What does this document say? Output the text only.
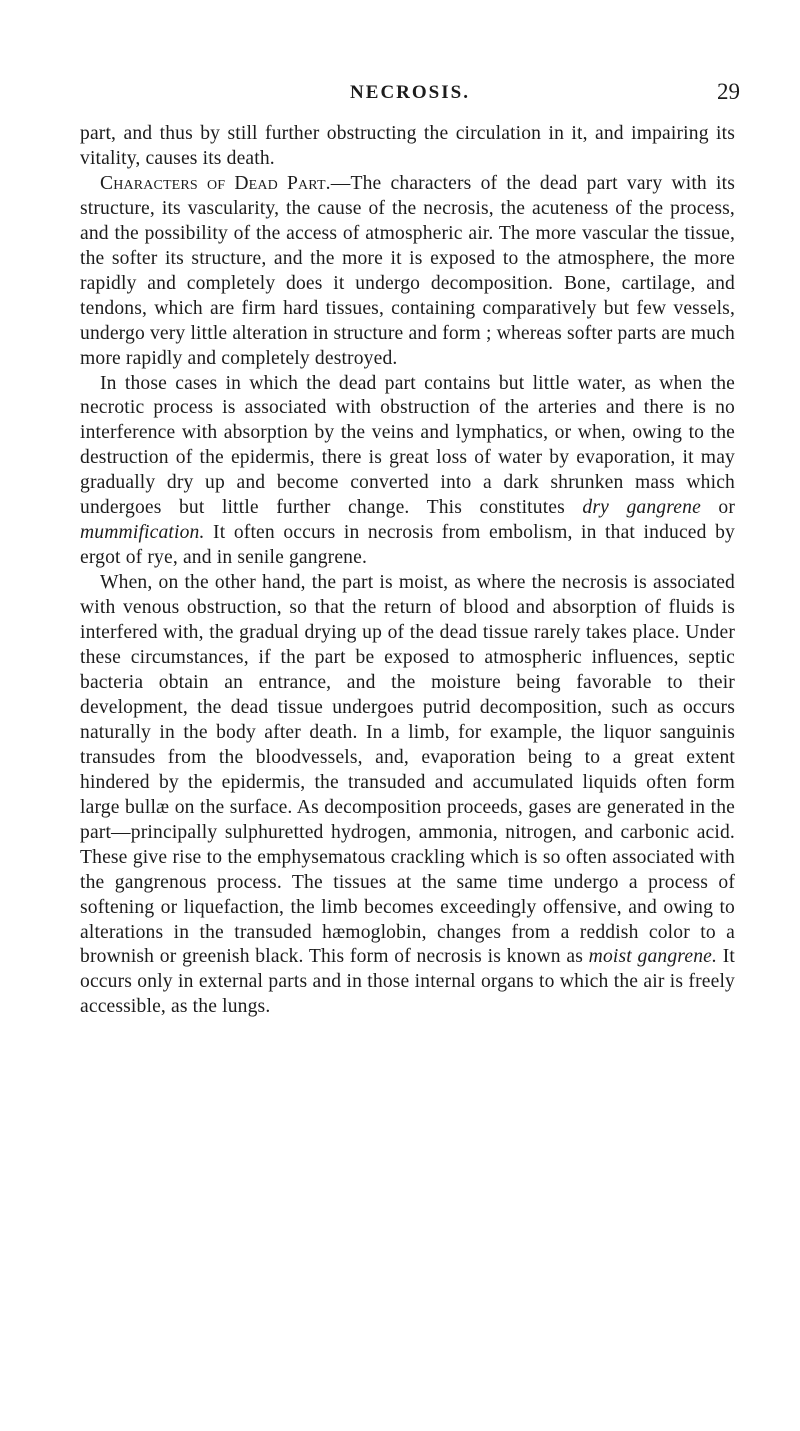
NECROSIS.	29

part, and thus by still further obstructing the circulation in it, and impairing its vitality, causes its death.

Characters of Dead Part.—The characters of the dead part vary with its structure, its vascularity, the cause of the necrosis, the acuteness of the process, and the possibility of the access of atmospheric air. The more vascular the tissue, the softer its structure, and the more it is exposed to the atmosphere, the more rapidly and completely does it undergo decomposition. Bone, cartilage, and tendons, which are firm hard tissues, containing comparatively but few vessels, undergo very little alteration in structure and form ; whereas softer parts are much more rapidly and completely destroyed.

In those cases in which the dead part contains but little water, as when the necrotic process is associated with obstruction of the arteries and there is no interference with absorption by the veins and lymphatics, or when, owing to the destruction of the epidermis, there is great loss of water by evaporation, it may gradually dry up and become converted into a dark shrunken mass which undergoes but little further change. This constitutes dry gangrene or mummification. It often occurs in necrosis from embolism, in that induced by ergot of rye, and in senile gangrene.

When, on the other hand, the part is moist, as where the necrosis is associated with venous obstruction, so that the return of blood and absorption of fluids is interfered with, the gradual drying up of the dead tissue rarely takes place. Under these circumstances, if the part be exposed to atmospheric influences, septic bacteria obtain an entrance, and the moisture being favorable to their development, the dead tissue undergoes putrid decomposition, such as occurs naturally in the body after death. In a limb, for example, the liquor sanguinis transudes from the bloodvessels, and, evaporation being to a great extent hindered by the epidermis, the transuded and accumulated liquids often form large bullæ on the surface. As decomposition proceeds, gases are generated in the part—principally sulphuretted hydrogen, ammonia, nitrogen, and carbonic acid. These give rise to the emphysematous crackling which is so often associated with the gangrenous process. The tissues at the same time undergo a process of softening or liquefaction, the limb becomes exceedingly offensive, and owing to alterations in the transuded hæmoglobin, changes from a reddish color to a brownish or greenish black. This form of necrosis is known as moist gangrene. It occurs only in external parts and in those internal organs to which the air is freely accessible, as the lungs.
